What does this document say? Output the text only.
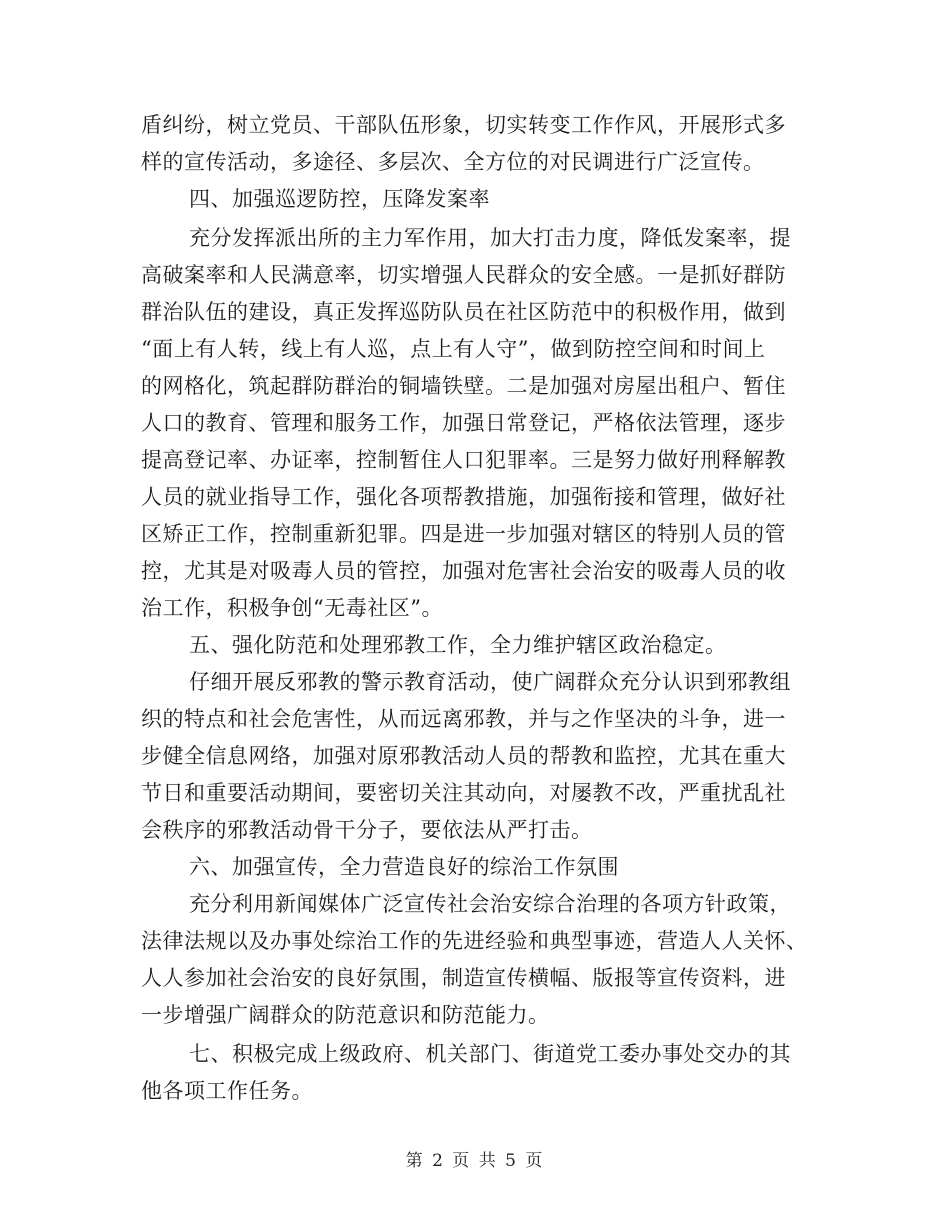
盾纠纷，树立党员、干部队伍形象，切实转变工作作风，开展形式多
样的宣传活动，多途径、多层次、全方位的对民调进行广泛宣传。
四、加强巡逻防控，压降发案率
充分发挥派出所的主力军作用，加大打击力度，降低发案率，提
高破案率和人民满意率，切实增强人民群众的安全感。一是抓好群防
群治队伍的建设，真正发挥巡防队员在社区防范中的积极作用，做到
“面上有人转，线上有人巡，点上有人守”，做到防控空间和时间上
的网格化，筑起群防群治的铜墙铁壁。二是加强对房屋出租户、暂住
人口的教育、管理和服务工作，加强日常登记，严格依法管理，逐步
提高登记率、办证率，控制暂住人口犯罪率。三是努力做好刑释解教
人员的就业指导工作，强化各项帮教措施，加强衔接和管理，做好社
区矫正工作，控制重新犯罪。四是进一步加强对辖区的特别人员的管
控，尤其是对吸毒人员的管控，加强对危害社会治安的吸毒人员的收
治工作，积极争创“无毒社区”。
五、强化防范和处理邪教工作，全力维护辖区政治稳定。
仔细开展反邪教的警示教育活动，使广阔群众充分认识到邪教组
织的特点和社会危害性，从而远离邪教，并与之作坚决的斗争，进一
步健全信息网络，加强对原邪教活动人员的帮教和监控，尤其在重大
节日和重要活动期间，要密切关注其动向，对屡教不改，严重扰乱社
会秩序的邪教活动骨干分子，要依法从严打击。
六、加强宣传，全力营造良好的综治工作氛围
充分利用新闻媒体广泛宣传社会治安综合治理的各项方针政策，
法律法规以及办事处综治工作的先进经验和典型事迹，营造人人关怀、
人人参加社会治安的良好氛围，制造宣传横幅、版报等宣传资料，进
一步增强广阔群众的防范意识和防范能力。
七、积极完成上级政府、机关部门、街道党工委办事处交办的其
他各项工作任务。
第 2 页 共 5 页
